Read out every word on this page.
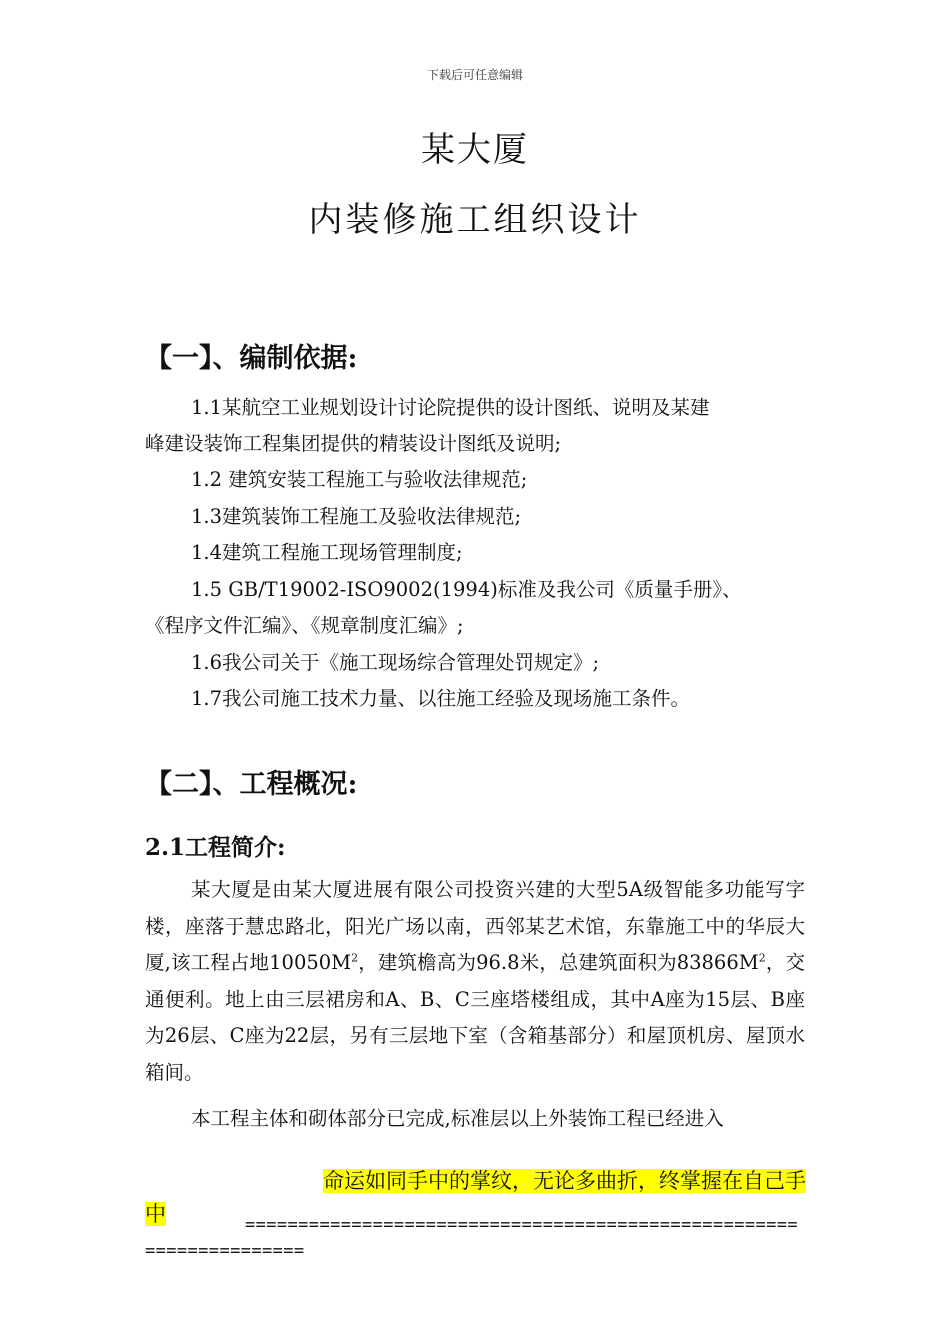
下载后可任意编辑
某大厦
内装修施工组织设计
【一】、编制依据:
1.1某航空工业规划设计讨论院提供的设计图纸、说明及某建
峰建设装饰工程集团提供的精装设计图纸及说明;
1.2 建筑安装工程施工与验收法律规范;
1.3建筑装饰工程施工及验收法律规范;
1.4建筑工程施工现场管理制度;
1.5 GB/T19002-ISO9002(1994)标准及我公司《质量手册》、
《程序文件汇编》、《规章制度汇编》;
1.6我公司关于《施工现场综合管理处罚规定》;
1.7我公司施工技术力量、以往施工经验及现场施工条件。
【二】、工程概况:
2.1工程简介:
某大厦是由某大厦进展有限公司投资兴建的大型5A级智能多功能写字楼，座落于慧忠路北，阳光广场以南，西邻某艺术馆，东靠施工中的华辰大厦,该工程占地$10050M^2$，建筑檐高为96.8米，总建筑面积为$83866M^2$，交通便利。地上由三层裙房和A、B、C三座塔楼组成，其中A座为15层、B座为26层、C座为22层，另有三层地下室（含箱基部分）和屋顶机房、屋顶水箱间。
本工程主体和砌体部分已完成,标准层以上外装饰工程已经进入
命运如同手中的掌纹，无论多曲折，终掌握在自己手中	===================================================================
